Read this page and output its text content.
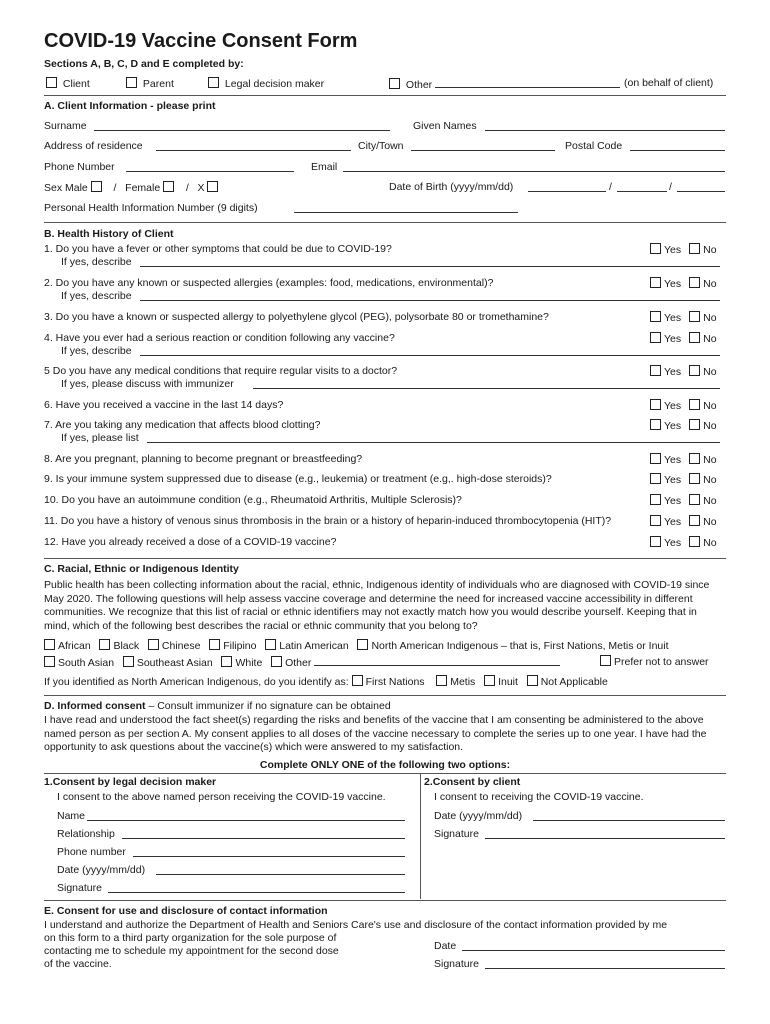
COVID-19 Vaccine Consent Form
Sections A, B, C, D and E completed by:
Client	Parent	Legal decision maker	Other	(on behalf of client)
A. Client Information - please print
Surname	Given Names
Address of residence	City/Town	Postal Code
Phone Number	Email
Sex Male / Female / X	Date of Birth (yyyy/mm/dd)	/	/
Personal Health Information Number (9 digits)
B. Health History of Client
1. Do you have a fever or other symptoms that could be due to COVID-19?	Yes No
If yes, describe
2. Do you have any known or suspected allergies (examples: food, medications, environmental)?	Yes No
If yes, describe
3. Do you have a known or suspected allergy to polyethylene glycol (PEG), polysorbate 80 or tromethamine?	Yes No
4. Have you ever had a serious reaction or condition following any vaccine?	Yes No
If yes, describe
5 Do you have any medical conditions that require regular visits to a doctor?	Yes No
If yes, please discuss with immunizer
6. Have you received a vaccine in the last 14 days?	Yes No
7. Are you taking any medication that affects blood clotting?	Yes No
If yes, please list
8. Are you pregnant, planning to become pregnant or breastfeeding?	Yes No
9. Is your immune system suppressed due to disease (e.g., leukemia) or treatment (e.g,. high-dose steroids)?	Yes No
10. Do you have an autoimmune condition (e.g., Rheumatoid Arthritis, Multiple Sclerosis)?	Yes No
11. Do you have a history of venous sinus thrombosis in the brain or a history of heparin-induced thrombocytopenia (HIT)?	Yes No
12. Have you already received a dose of a COVID-19 vaccine?	Yes No
C. Racial, Ethnic or Indigenous Identity
Public health has been collecting information about the racial, ethnic, Indigenous identity of individuals who are diagnosed with COVID-19 since May 2020. The following questions will help assess vaccine coverage and determine the need for increased vaccine accessibility in different communities. We recognize that this list of racial or ethnic identifiers may not exactly match how you would describe yourself. Keeping that in mind, which of the following best describes the racial or ethnic community that you belong to?
African Black Chinese Filipino Latin American North American Indigenous – that is, First Nations, Metis or Inuit
South Asian Southeast Asian White Other	Prefer not to answer
If you identified as North American Indigenous, do you identify as: First Nations Metis Inuit Not Applicable
D. Informed consent – Consult immunizer if no signature can be obtained
I have read and understood the fact sheet(s) regarding the risks and benefits of the vaccine that I am consenting be administered to the above named person as per section A. My consent applies to all doses of the vaccine necessary to complete the series up to one year. I have had the opportunity to ask questions about the vaccine(s) which were answered to my satisfaction.
Complete ONLY ONE of the following two options:
1.Consent by legal decision maker
I consent to the above named person receiving the COVID-19 vaccine.
Name
Relationship
Phone number
Date (yyyy/mm/dd)
Signature
2.Consent by client
I consent to receiving the COVID-19 vaccine.
Date (yyyy/mm/dd)
Signature
E. Consent for use and disclosure of contact information
I understand and authorize the Department of Health and Seniors Care's use and disclosure of the contact information provided by me
on this form to a third party organization for the sole purpose of
contacting me to schedule my appointment for the second dose
of the vaccine.
Date
Signature
